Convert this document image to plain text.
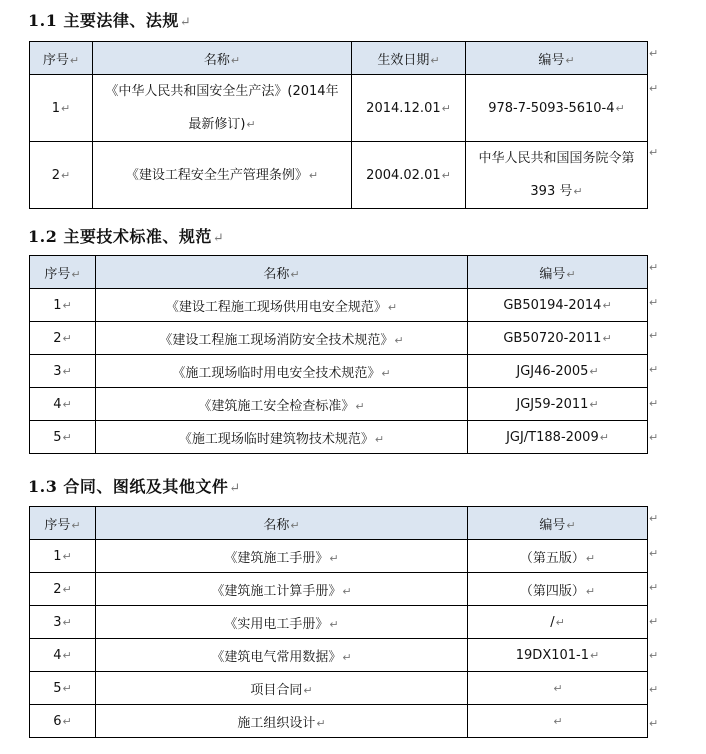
1.1 主要法律、法规↵
序号↵	名称↵	生效日期↵	编号↵
1↵	《中华人民共和国安全生产法》(2014年最新修订)↵	2014.12.01↵	978-7-5093-5610-4↵
2↵	《建设工程安全生产管理条例》↵	2004.02.01↵	中华人民共和国国务院令第 393 号↵
1.2 主要技术标准、规范↵
序号↵	名称↵	编号↵
1↵	《建设工程施工现场供用电安全规范》↵	GB50194-2014↵
2↵	《建设工程施工现场消防安全技术规范》↵	GB50720-2011↵
3↵	《施工现场临时用电安全技术规范》↵	JGJ46-2005↵
4↵	《建筑施工安全检查标准》↵	JGJ59-2011↵
5↵	《施工现场临时建筑物技术规范》↵	JGJ/T188-2009↵
1.3 合同、图纸及其他文件↵
序号↵	名称↵	编号↵
1↵	《建筑施工手册》↵	（第五版）↵
2↵	《建筑施工计算手册》↵	（第四版）↵
3↵	《实用电工手册》↵	/↵
4↵	《建筑电气常用数据》↵	19DX101-1↵
5↵	项目合同↵	↵
6↵	施工组织设计↵	↵
↵
↵
↵
↵
↵
↵
↵
↵
↵
↵
↵
↵
↵
↵
↵
↵
